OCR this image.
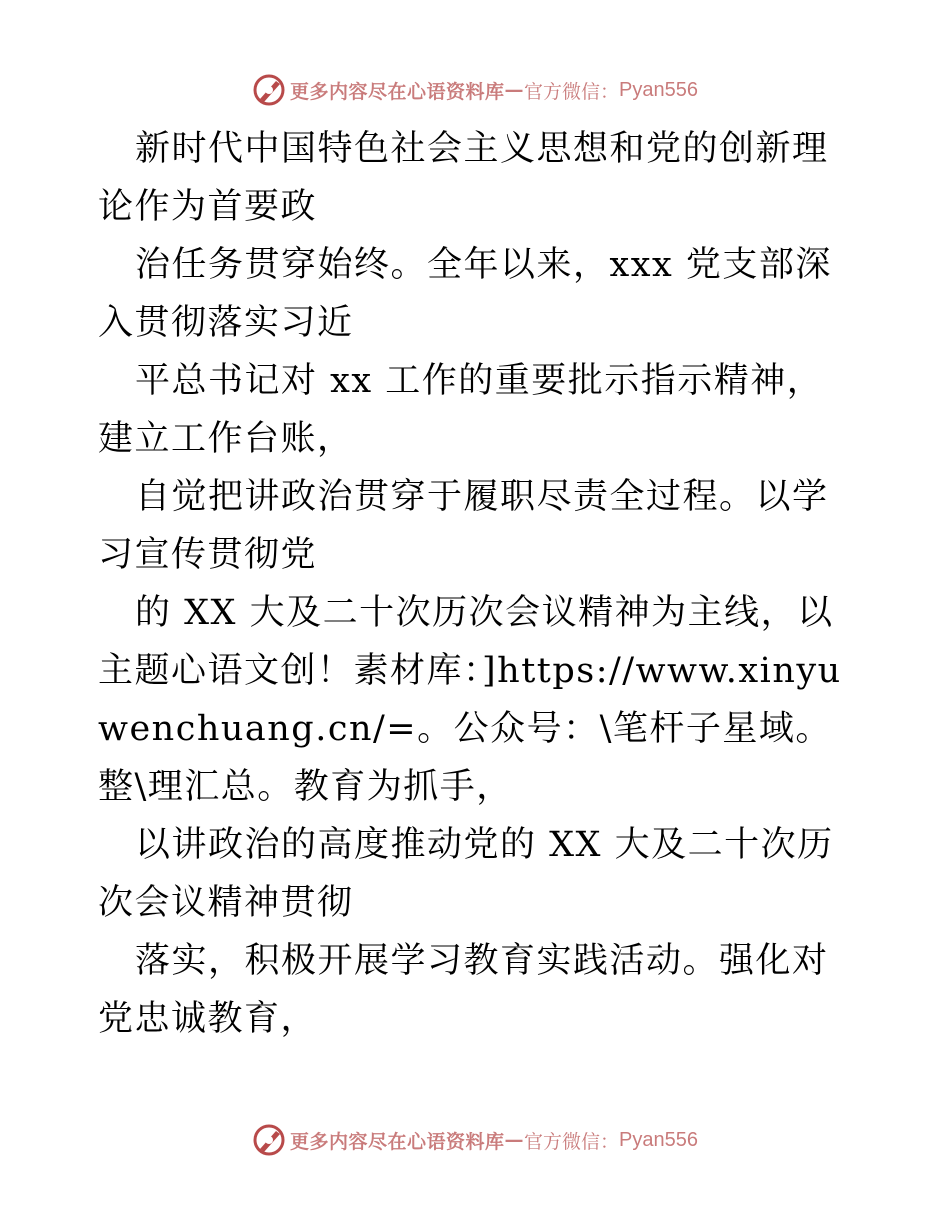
更多内容尽在心语资料库 — 官方微信： Pyan556

新时代中国特色社会主义思想和党的创新理论作为首要政

治任务贯穿始终。全年以来，xxx 党支部深入贯彻落实习近

平总书记对 xx 工作的重要批示指示精神，建立工作台账，

自觉把讲政治贯穿于履职尽责全过程。以学习宣传贯彻党

的 XX 大及二十次历次会议精神为主线，以主题心语文创！素材库：]https://www.xinyuwenchuang.cn/=。公众号：\笔杆子星域。整\理汇总。教育为抓手，

以讲政治的高度推动党的 XX 大及二十次历次会议精神贯彻

落实，积极开展学习教育实践活动。强化对党忠诚教育，

更多内容尽在心语资料库 — 官方微信： Pyan556
